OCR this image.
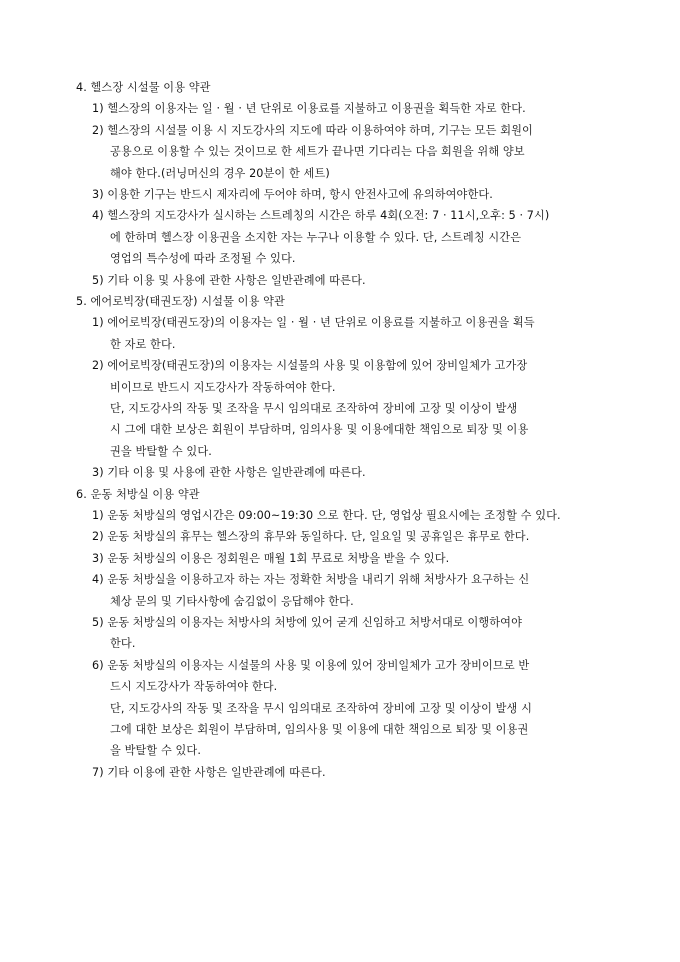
4. 헬스장 시설물 이용 약관
1) 헬스장의 이용자는 일 · 월 · 년 단위로 이용료를 지불하고 이용권을 획득한 자로 한다.
2) 헬스장의 시설물 이용 시 지도강사의 지도에 따라 이용하여야 하며, 기구는 모든 회원이
공용으로 이용할 수 있는 것이므로 한 세트가 끝나면 기다리는 다음 회원을 위해 양보
해야 한다.(러닝머신의 경우 20분이 한 세트)
3) 이용한 기구는 반드시 제자리에 두어야 하며, 항시 안전사고에 유의하여야한다.
4) 헬스장의 지도강사가 실시하는 스트레칭의 시간은 하루 4회(오전: 7 · 11시,오후: 5 · 7시)
에 한하며 헬스장 이용권을 소지한 자는 누구나 이용할 수 있다. 단, 스트레칭 시간은
영업의 특수성에 따라 조정될 수 있다.
5) 기타 이용 및 사용에 관한 사항은 일반관례에 따른다.
5. 에어로빅장(태권도장) 시설물 이용 약관
1) 에어로빅장(태권도장)의 이용자는 일 · 월 · 년 단위로 이용료를 지불하고 이용권을 획득
한 자로 한다.
2) 에어로빅장(태권도장)의 이용자는 시설물의 사용 및 이용함에 있어 장비일체가 고가장
비이므로 반드시 지도강사가 작동하여야 한다.
단, 지도강사의 작동 및 조작을 무시 임의대로 조작하여 장비에 고장 및 이상이 발생
시 그에 대한 보상은 회원이 부담하며, 임의사용 및 이용에대한 책임으로 퇴장 및 이용
권을 박탈할 수 있다.
3) 기타 이용 및 사용에 관한 사항은 일반관례에 따른다.
6. 운동 처방실 이용 약관
1) 운동 처방실의 영업시간은 09:00~19:30 으로 한다. 단, 영업상 필요시에는 조정할 수 있다.
2) 운동 처방실의 휴무는 헬스장의 휴무와 동일하다. 단, 일요일 및 공휴일은 휴무로 한다.
3) 운동 처방실의 이용은 정회원은 매월 1회 무료로 처방을 받을 수 있다.
4) 운동 처방실을 이용하고자 하는 자는 정확한 처방을 내리기 위해 처방사가 요구하는 신
체상 문의 및 기타사항에 숨김없이 응답해야 한다.
5) 운동 처방실의 이용자는 처방사의 처방에 있어 굳게 신임하고 처방서대로 이행하여야
한다.
6) 운동 처방실의 이용자는 시설물의 사용 및 이용에 있어 장비일체가 고가 장비이므로 반
드시 지도강사가 작동하여야 한다.
단, 지도강사의 작동 및 조작을 무시 임의대로 조작하여 장비에 고장 및 이상이 발생 시
그에 대한 보상은 회원이 부담하며, 임의사용 및 이용에 대한 책임으로 퇴장 및 이용권
을 박탈할 수 있다.
7) 기타 이용에 관한 사항은 일반관례에 따른다.
